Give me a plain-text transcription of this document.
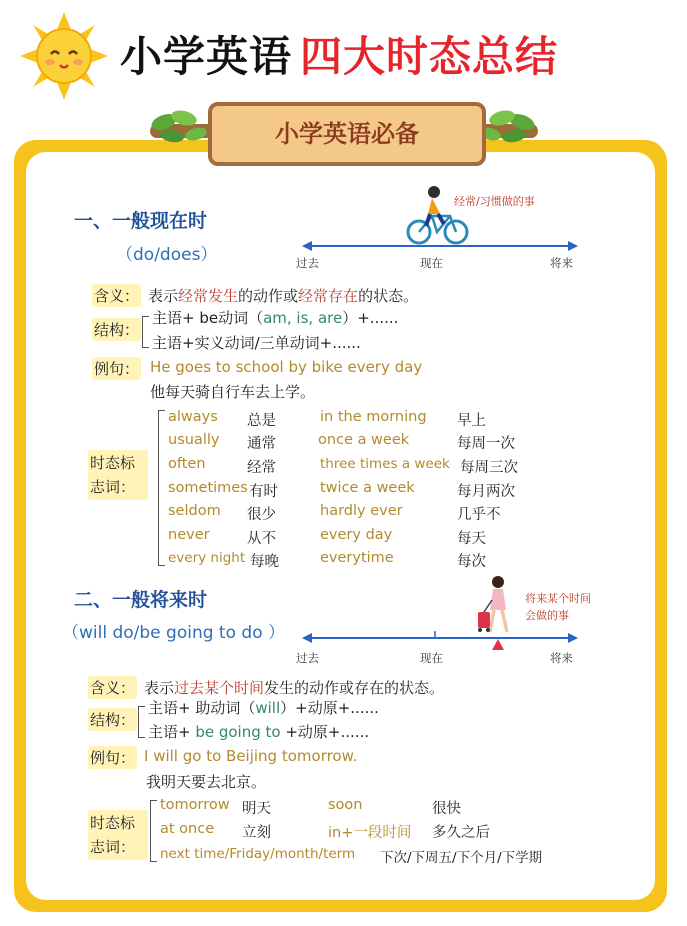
小学英语 四大时态总结
小学英语必备
一、一般现在时
（do/does）
经常/习惯做的事
过去	现在	将来
含义： 表示经常发生的动作或经常存在的状态。
结构：
主语+ be动词（am, is, are）+......
主语+实义动词/三单动词+......
例句： He goes to school by bike every day
他每天骑自行车去上学。
时态标志词：
always 总是	in the morning 早上
usually 通常	once a week	每周一次
often	经常	three times a week 每周三次
sometimes 有时	twice a week	每月两次
seldom 很少	hardly ever	几乎不
never	从不	every day	每天
every night 每晚	everytime	每次
二、一般将来时
（will do/be going to do ）
将来某个时间
会做的事
过去	现在	将来
含义： 表示过去某个时间发生的动作或存在的状态。
结构：
主语+ 助动词（will）+动原+......
主语+ be going to +动原+......
例句： I will go to Beijing tomorrow.
我明天要去北京。
时态标志词：
tomorrow 明天	soon	很快
at once 立刻	in+一段时间 多久之后
next time/Friday/month/term 下次/下周五/下个月/下学期
